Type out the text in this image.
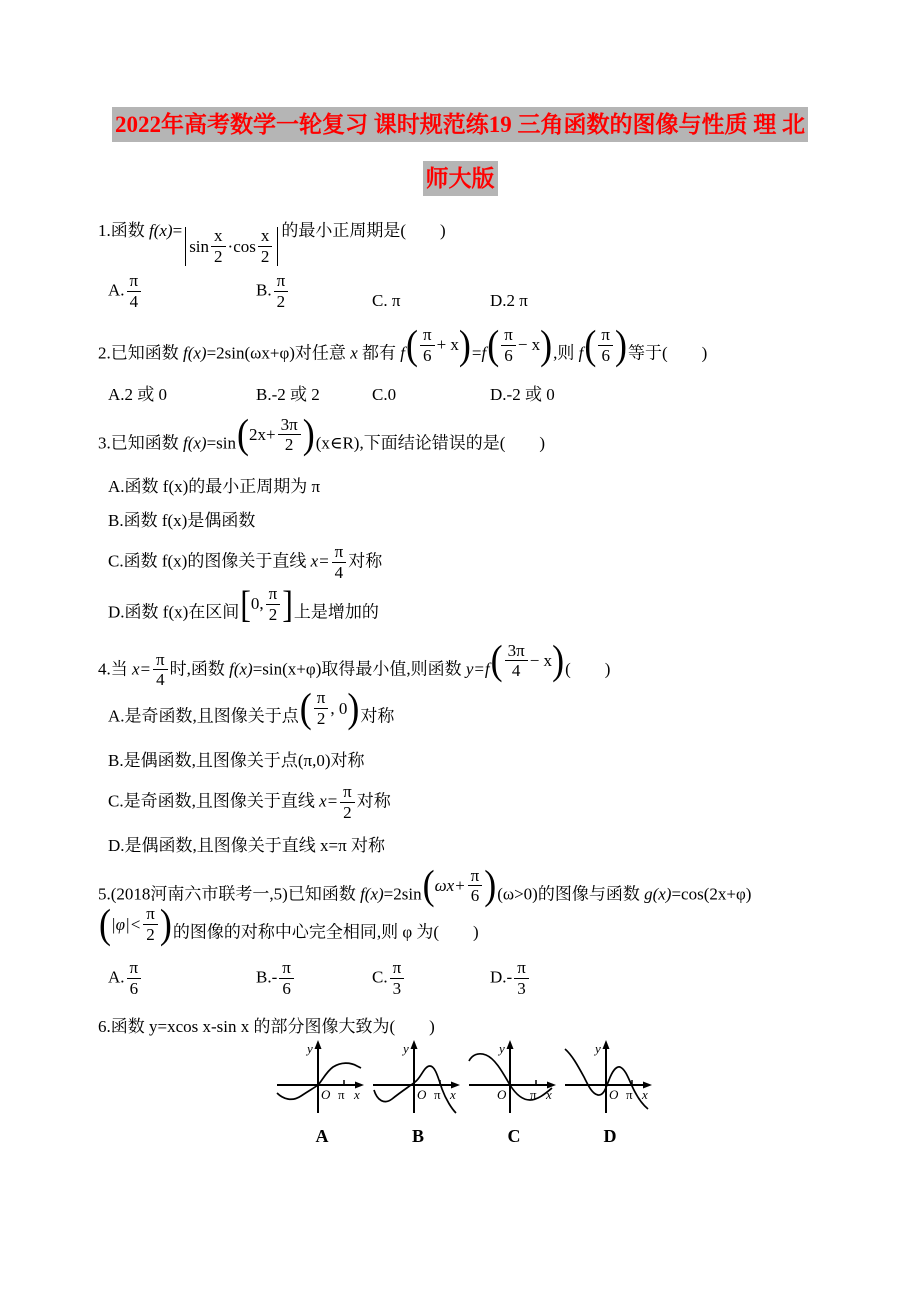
2022年高考数学一轮复习 课时规范练19 三角函数的图像与性质 理 北
师大版
1.函数 f(x)=
$\sin \frac{x}{2} \cdot \cos \frac{x}{2}$ 的最小正周期是(　　)
A. $\frac{\pi}{4}$	B. $\frac{\pi}{2}$	C. π	D.2 π
2.已知函数 f(x)=2sin(ωx+φ)对任意 x 都有 f ( $\frac{\pi}{6} + x$ ) =f ( $\frac{\pi}{6} - x$ ) ,则 f ( $\frac{\pi}{6}$ ) 等于(　　)
A.2 或 0	B.-2 或 2	C.0	D.-2 或 0
3.已知函数 f(x)=sin ( $2x+ \frac{3\pi}{2}$ ) (x∈R),下面结论错误的是(　　)
A.函数 f(x)的最小正周期为 π
B.函数 f(x)是偶函数
C.函数 f(x)的图像关于直线 $x= \frac{\pi}{4}$ 对称
D.函数 f(x)在区间 [ 0, $\frac{\pi}{2}$ ] 上是增加的
4.当 $x= \frac{\pi}{4}$ 时,函数 f(x)=sin(x+φ)取得最小值,则函数 y=f ( $\frac{3\pi}{4} - x$ ) (　　)
A.是奇函数,且图像关于点 ( $\frac{\pi}{2}$ , 0 ) 对称
B.是偶函数,且图像关于点(π,0)对称
C.是奇函数,且图像关于直线 $x= \frac{\pi}{2}$ 对称
D.是偶函数,且图像关于直线 x=π 对称
5.(2018河南六市联考一,5)已知函数 f(x)=2sin ( $\omega x+ \frac{\pi}{6}$ ) (ω>0)的图像与函数 g(x)=cos(2x+φ)
( $|\varphi|< \frac{\pi}{2}$ ) 的图像的对称中心完全相同,则 φ 为(　　)
A. $\frac{\pi}{6}$	$B.- \frac{\pi}{6}$	C. $\frac{\pi}{3}$	$D.- \frac{\pi}{3}$
6.函数 y=xcos x-sin x 的部分图像大致为(　　)
y
x
O π
A
y
x
O π
B
y
x
O π
C
y
x
O π
D
